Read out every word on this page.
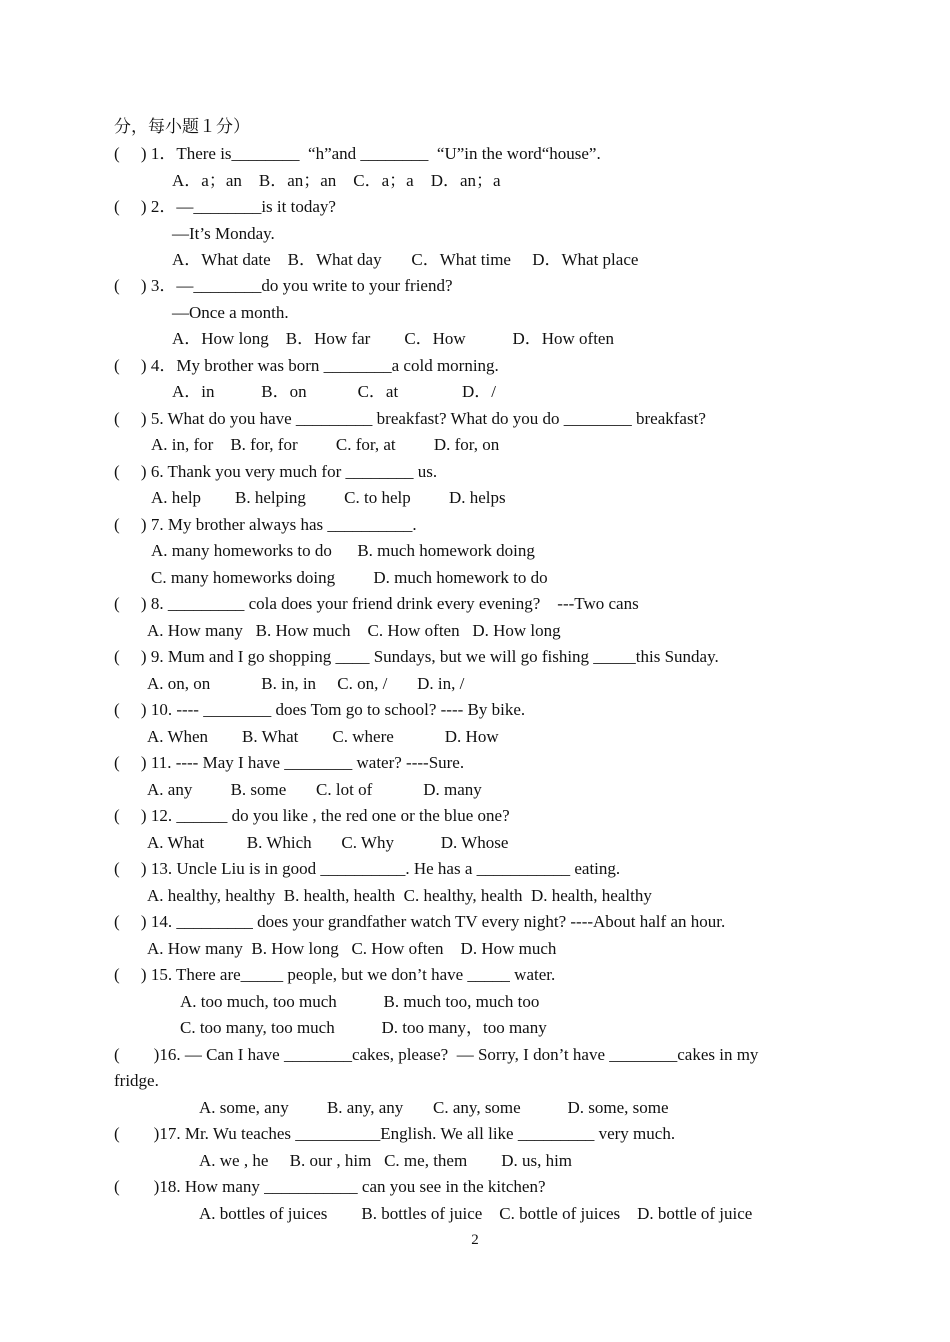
分，每小题１分）
(     ) 1．There is________  “h”and ________  “U”in the word“house”.
A．a；an    B．an；an    C．a；a    D．an；a
(     ) 2．—________is it today?
—It’s Monday.
A．What date    B．What day       C．What time     D．What place
(     ) 3．—________do you write to your friend?
—Once a month.
A．How long    B．How far        C．How           D．How often
(     ) 4．My brother was born ________a cold morning.
A．in           B．on            C．at               D．/
(     ) 5. What do you have _________ breakfast? What do you do ________ breakfast?
A. in, for    B. for, for         C. for, at         D. for, on
(     ) 6. Thank you very much for ________ us.
A. help        B. helping         C. to help         D. helps
(     ) 7. My brother always has __________.
A. many homeworks to do      B. much homework doing
C. many homeworks doing         D. much homework to do
(     ) 8. _________ cola does your friend drink every evening?    ---Two cans
A. How many   B. How much    C. How often   D. How long
(     ) 9. Mum and I go shopping ____ Sundays, but we will go fishing _____this Sunday.
A. on, on            B. in, in     C. on, /       D. in, /
(     ) 10. ---- ________ does Tom go to school? ---- By bike.
A. When        B. What        C. where            D. How
(     ) 11. ---- May I have ________ water? ----Sure.
A. any         B. some       C. lot of            D. many
(     ) 12. ______ do you like , the red one or the blue one?
A. What          B. Which       C. Why           D. Whose
(     ) 13. Uncle Liu is in good __________. He has a ___________ eating.
A. healthy, healthy  B. health, health  C. healthy, health  D. health, healthy
(     ) 14. _________ does your grandfather watch TV every night? ----About half an hour.
A. How many  B. How long   C. How often    D. How much
(     ) 15. There are_____ people, but we don’t have _____ water.
A. too much, too much           B. much too, much too
C. too many, too much           D. too many，too many
(        )16. — Can I have ________cakes, please?  — Sorry, I don’t have ________cakes in my
fridge.
A. some, any         B. any, any       C. any, some           D. some, some
(        )17. Mr. Wu teaches __________English. We all like _________ very much.
A. we , he     B. our , him   C. me, them        D. us, him
(        )18. How many ___________ can you see in the kitchen?
A. bottles of juices        B. bottles of juice    C. bottle of juices    D. bottle of juice
2
